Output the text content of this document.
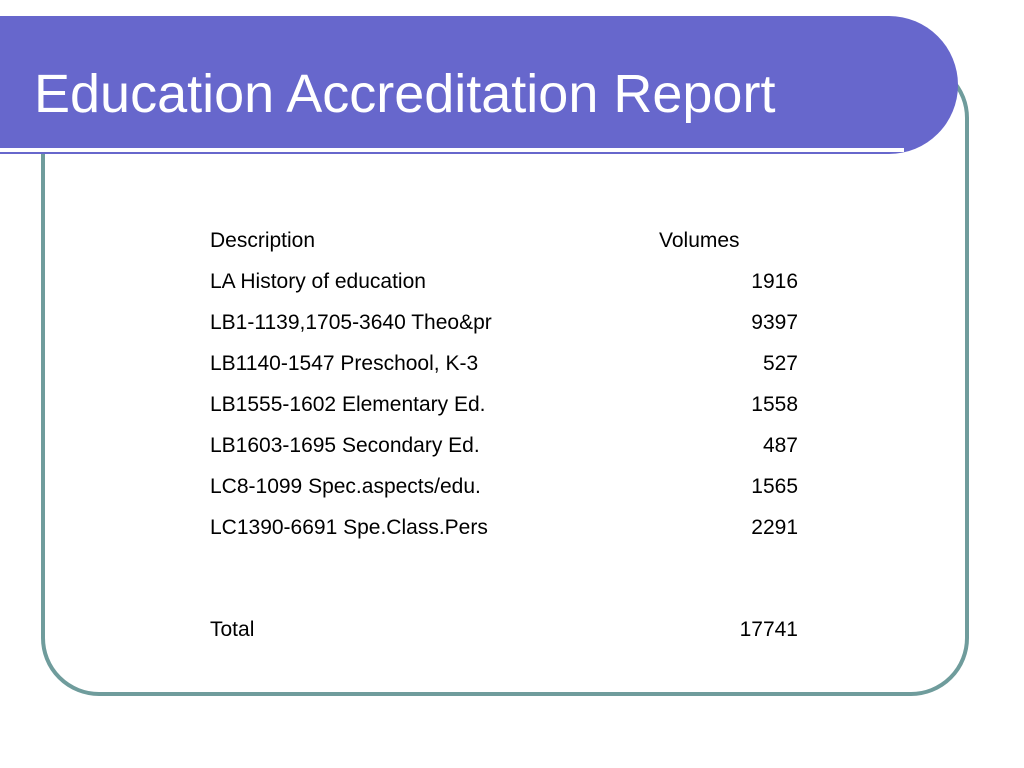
Education Accreditation Report
Description	Volumes
LA History of education	1916
LB1-1139,1705-3640 Theo&pr	9397
LB1140-1547 Preschool, K-3	527
LB1555-1602 Elementary Ed.	1558
LB1603-1695 Secondary Ed.	487
LC8-1099 Spec.aspects/edu.	1565
LC1390-6691 Spe.Class.Pers	2291
Total	17741
